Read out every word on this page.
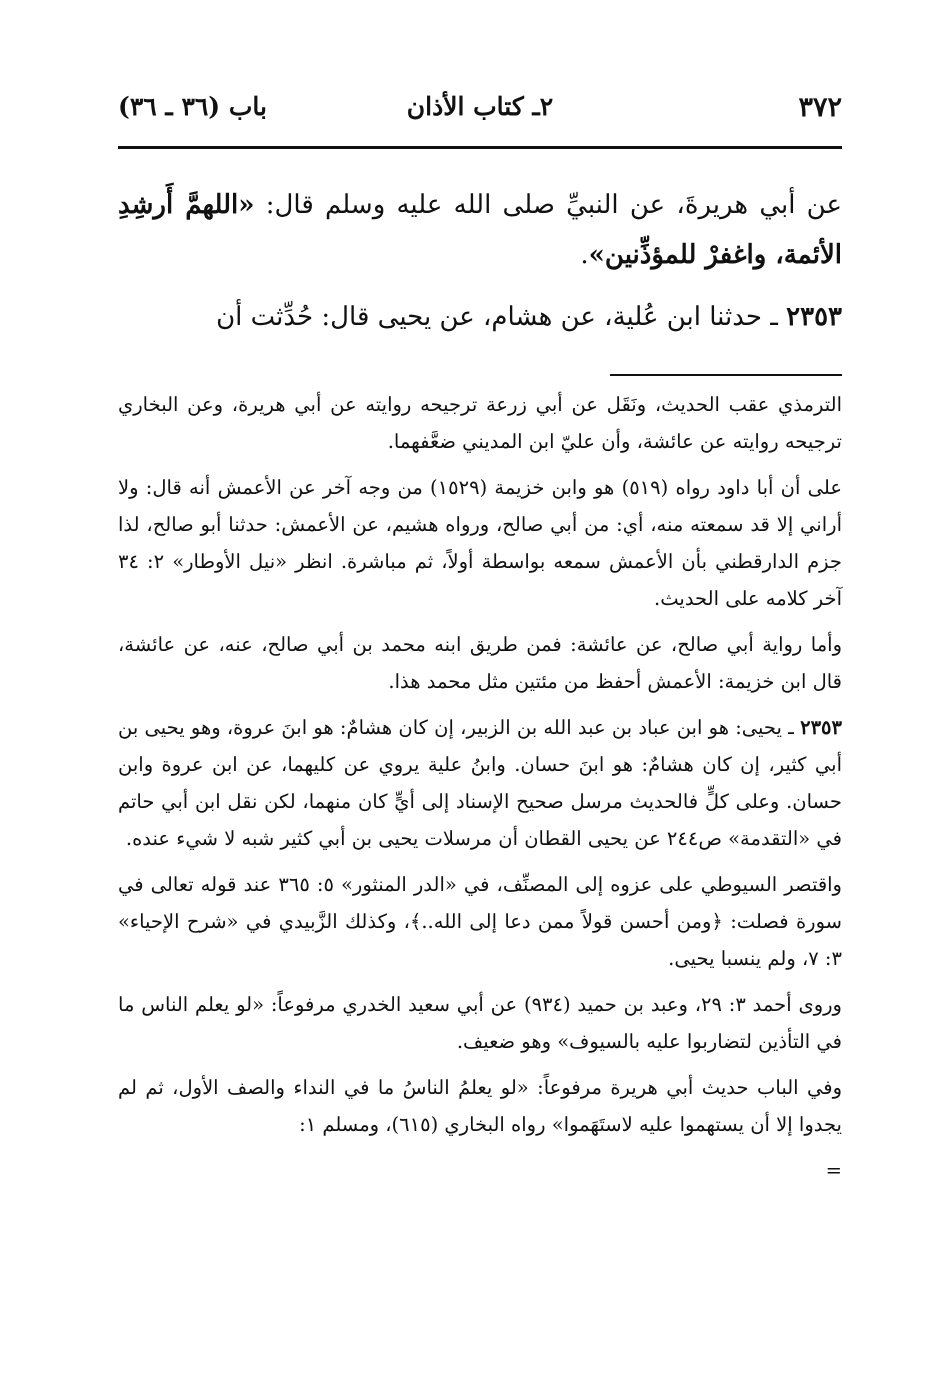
٣٧٢
٢ـ كتاب الأذان
باب (٣٦ ـ ٣٦)

عن أبي هريرةَ، عن النبيِّ صلى الله عليه وسلم قال: «اللهمَّ أَرشِدِ الأئمة، واغفرْ للمؤذِّنين».

٢٣٥٣ ـ حدثنا ابن عُلية، عن هشام، عن يحيى قال: حُدِّثت أن

الترمذي عقب الحديث، ونَقَل عن أبي زرعة ترجيحه روايته عن أبي هريرة، وعن البخاري ترجيحه روايته عن عائشة، وأن عليّ ابن المديني ضعَّفهما.

على أن أبا داود رواه (٥١٩) هو وابن خزيمة (١٥٢٩) من وجه آخر عن الأعمش أنه قال: ولا أراني إلا قد سمعته منه، أي: من أبي صالح، ورواه هشيم، عن الأعمش: حدثنا أبو صالح، لذا جزم الدارقطني بأن الأعمش سمعه بواسطة أولاً، ثم مباشرة. انظر «نيل الأوطار» ٢: ٣٤ آخر كلامه على الحديث.

وأما رواية أبي صالح، عن عائشة: فمن طريق ابنه محمد بن أبي صالح، عنه، عن عائشة، قال ابن خزيمة: الأعمش أحفظ من مئتين مثل محمد هذا.

٢٣٥٣ ـ يحيى: هو ابن عباد بن عبد الله بن الزبير، إن كان هشامٌ: هو ابنَ عروة، وهو يحيى بن أبي كثير، إن كان هشامٌ: هو ابنَ حسان. وابنُ علية يروي عن كليهما، عن ابن عروة وابن حسان. وعلى كلٍّ فالحديث مرسل صحيح الإسناد إلى أيٍّ كان منهما، لكن نقل ابن أبي حاتم في «التقدمة» ص٢٤٤ عن يحيى القطان أن مرسلات يحيى بن أبي كثير شبه لا شيء عنده.

واقتصر السيوطي على عزوه إلى المصنِّف، في «الدر المنثور» ٥: ٣٦٥ عند قوله تعالى في سورة فصلت: ﴿ومن أحسن قولاً ممن دعا إلى الله..﴾، وكذلك الزَّبيدي في «شرح الإحياء» ٣: ٧، ولم ينسبا يحيى.

وروى أحمد ٣: ٢٩، وعبد بن حميد (٩٣٤) عن أبي سعيد الخدري مرفوعاً: «لو يعلم الناس ما في التأذين لتضاربوا عليه بالسيوف» وهو ضعيف.

وفي الباب حديث أبي هريرة مرفوعاً: «لو يعلمُ الناسُ ما في النداء والصف الأول، ثم لم يجدوا إلا أن يستهموا عليه لاستَهَموا» رواه البخاري (٦١٥)، ومسلم ١:

=
